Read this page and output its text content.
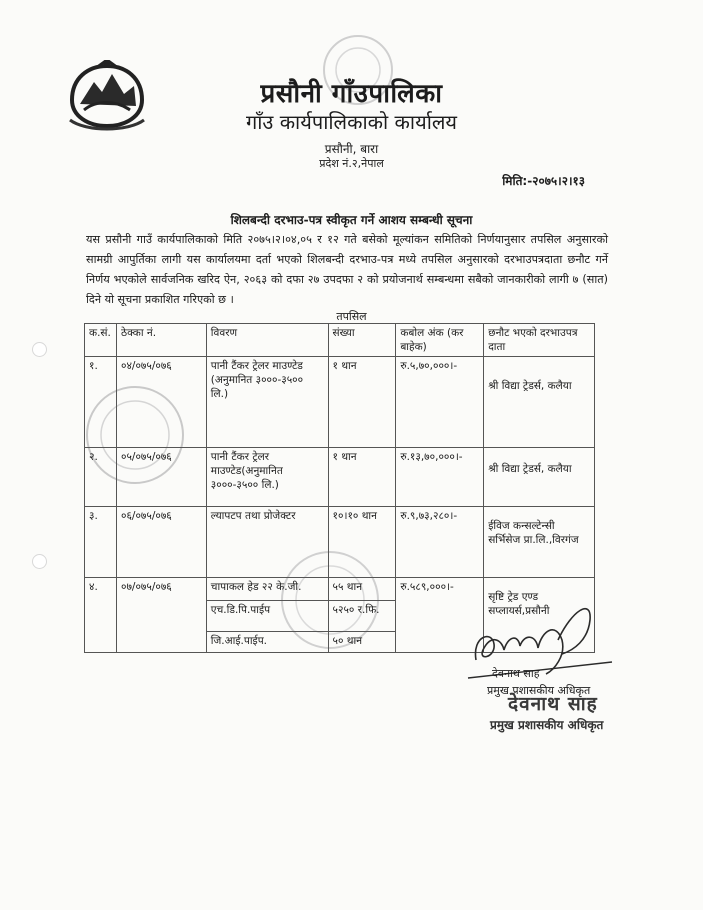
प्रसौनी गाँउपालिका
गाँउ कार्यपालिकाको कार्यालय
प्रसौनी, बारा
प्रदेश नं.२,नेपाल
मिति:-२०७५।२।१३
शिलबन्दी दरभाउ-पत्र स्वीकृत गर्ने आशय सम्बन्धी सूचना
यस प्रसौनी गाउँ कार्यपालिकाको मिति २०७५।२।०४,०५ र १२ गते बसेको मूल्यांकन समितिको निर्णयानुसार तपसिल अनुसारको सामग्री आपुर्तिका लागी यस कार्यालयमा दर्ता भएको शिलबन्दी दरभाउ-पत्र मध्ये तपसिल अनुसारको दरभाउपत्रदाता छनौट गर्ने निर्णय भएकोले सार्वजनिक खरिद ऐन, २०६३ को दफा २७ उपदफा २ को प्रयोजनार्थ सम्बन्धमा सबैको जानकारीको लागी ७ (सात) दिने यो सूचना प्रकाशित गरिएको छ ।
तपसिल
क.सं.	ठेक्का नं.	विवरण	संख्या	कबोल अंक (कर बाहेक)	छनौट भएको दरभाउपत्र दाता
१.	०४/०७५/०७६	पानी टैंकर ट्रेलर माउण्टेड (अनुमानित ३०००-३५०० लि.)	१ थान	रु.५,७०,०००।-	श्री विद्या ट्रेडर्स, कलैया
२.	०५/०७५/०७६	पानी टैंकर ट्रेलर माउण्टेड(अनुमानित ३०००-३५०० लि.)	१ थान	रु.१३,७०,०००।-	श्री विद्या ट्रेडर्स, कलैया
३.	०६/०७५/०७६	ल्यापटप तथा प्रोजेक्टर	१०।१० थान	रु.९,७३,२८०।-	ईविज कन्सल्टेन्सी सर्भिसेज प्रा.लि.,विरगंज
४.	०७/०७५/०७६	चापाकल हेड २२ के.जी.	५५ थान	रु.५८९,०००।-	सृष्टि ट्रेड एण्ड सप्लायर्स,प्रसौनी
		एच.डि.पि.पाईप	५२५० र.फि.		
		जि.आई.पाईप.	५० थान		
देवनाथ साह
प्रमुख प्रशासकीय अधिकृत
देवनाथ साह
प्रमुख प्रशासकीय अधिकृत
